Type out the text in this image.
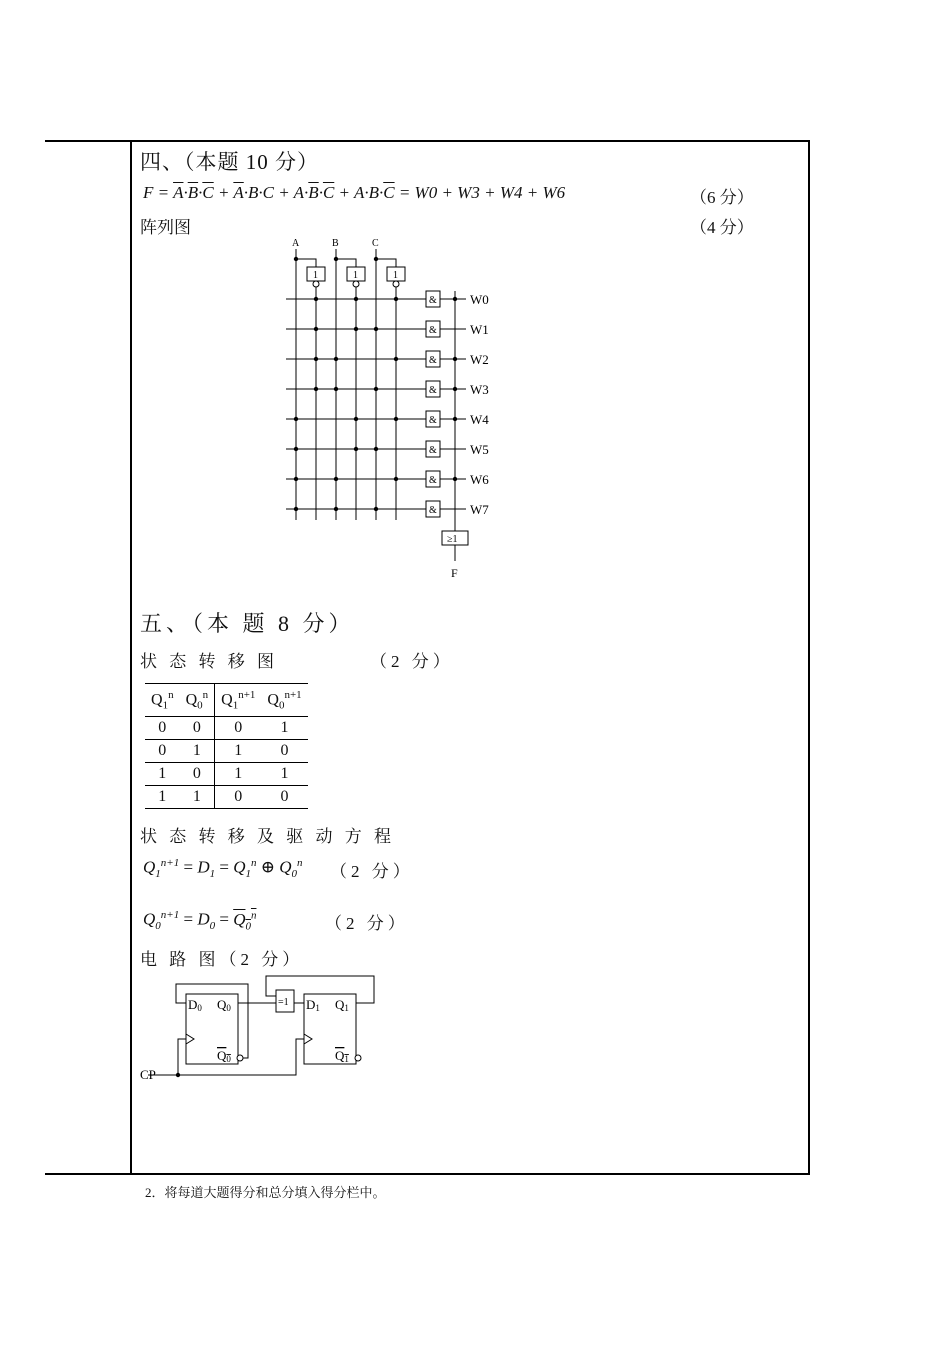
四、（本题 10 分）
$F = \overline{A}\cdot\overline{B}\cdot\overline{C} + \overline{A}\cdot B\cdot C + A\cdot\overline{B}\cdot\overline{C} + A\cdot B\cdot\overline{C} = W0 + W3 + W4 + W6$	（6 分）
阵列图	（4 分）
A	B	C
1	1	1
&
&
&
&
&
&
&
&
≥1
F
W0
W1
W2
W3
W4
W5
W6
W7
五、（本 题 8 分）
状 态 转 移 图	（2 分）
$Q_1^n$	$Q_0^n$	$Q_1^{n+1}$	$Q_0^{n+1}$
0	0	0	1
0	1	1	0
1	0	1	1
1	1	0	0
状 态 转 移 及 驱 动 方 程
$Q_1^{n+1} = D_1 = Q_1^n$ ⊕ $Q_0^n$ （2 分）
$Q_0^{n+1} = D_0 = Q_0^n$	（2 分）
电 路 图（2 分）
D0 Q0
Q0
D1 Q1
Q1
=1
CP
2．将每道大题得分和总分填入得分栏中。
